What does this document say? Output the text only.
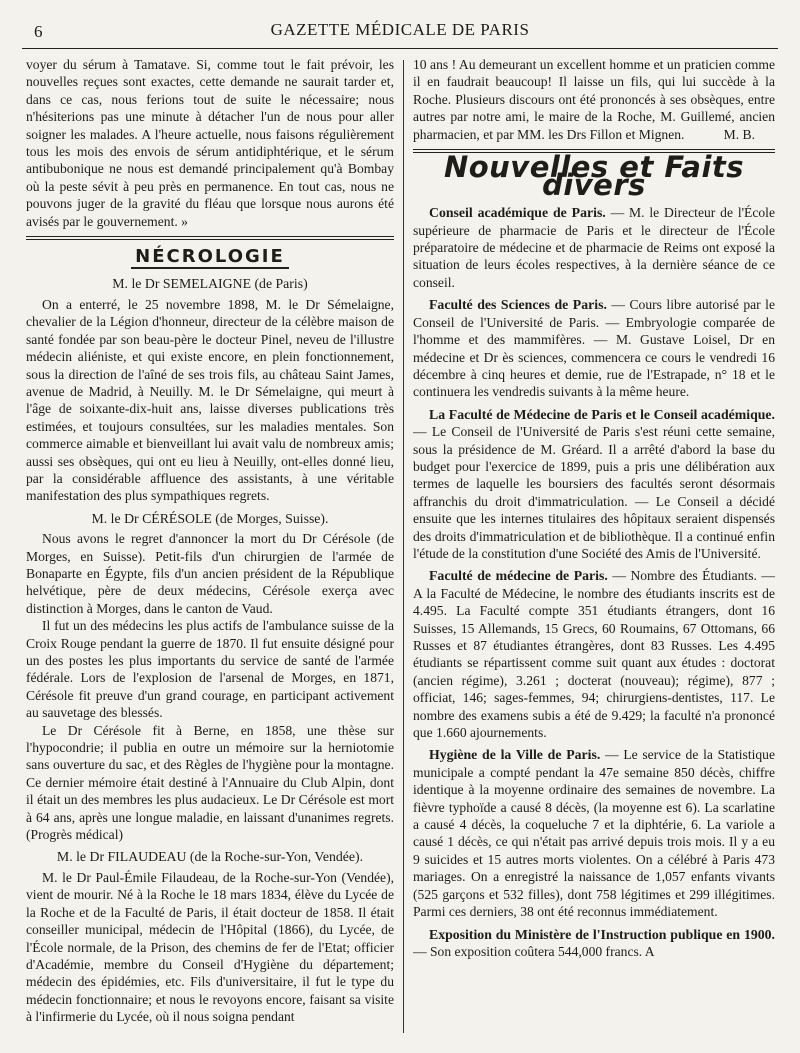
6	GAZETTE MÉDICALE DE PARIS

voyer du sérum à Tamatave. Si, comme tout le fait prévoir, les nouvelles reçues sont exactes, cette demande ne saurait tarder et, dans ce cas, nous ferions tout de suite le nécessaire; nous n'hésiterions pas une minute à détacher l'un de nous pour aller soigner les malades. A l'heure actuelle, nous faisons régulièrement tous les mois des envois de sérum antidiphtérique, et le sérum antibubonique ne nous est demandé principalement qu'à Bombay où la peste sévit à peu près en permanence. En tout cas, nous ne pouvons juger de la gravité du fléau que lorsque nous aurons été avisés par le gouvernement. »

NÉCROLOGIE
M. le Dr SEMELAIGNE (de Paris)

On a enterré, le 25 novembre 1898, M. le Dr Sémelaigne, chevalier de la Légion d'honneur, directeur de la célèbre maison de santé fondée par son beau-père le docteur Pinel, neveu de l'illustre médecin aliéniste, et qui existe encore, en plein fonctionnement, sous la direction de l'aîné de ses trois fils, au château Saint James, avenue de Madrid, à Neuilly. M. le Dr Sémelaigne, qui meurt à l'âge de soixante-dix-huit ans, laisse diverses publications très estimées, et toujours consultées, sur les maladies mentales. Son commerce aimable et bienveillant lui avait valu de nombreux amis; aussi ses obsèques, qui ont eu lieu à Neuilly, ont-elles donné lieu, par la considérable affluence des assistants, à une véritable manifestation des plus sympathiques regrets.

M. le Dr CÉRÉSOLE (de Morges, Suisse).

Nous avons le regret d'annoncer la mort du Dr Cérésole (de Morges, en Suisse). Petit-fils d'un chirurgien de l'armée de Bonaparte en Égypte, fils d'un ancien président de la République helvétique, père de deux médecins, Cérésole exerça avec distinction à Morges, dans le canton de Vaud.

Il fut un des médecins les plus actifs de l'ambulance suisse de la Croix Rouge pendant la guerre de 1870. Il fut ensuite désigné pour un des postes les plus importants du service de santé de l'armée fédérale. Lors de l'explosion de l'arsenal de Morges, en 1871, Cérésole fit preuve d'un grand courage, en participant activement au sauvetage des blessés.

Le Dr Cérésole fit à Berne, en 1858, une thèse sur l'hypocondrie; il publia en outre un mémoire sur la herniotomie sans ouverture du sac, et des Règles de l'hygiène pour la montagne. Ce dernier mémoire était destiné à l'Annuaire du Club Alpin, dont il était un des membres les plus audacieux. Le Dr Cérésole est mort à 64 ans, après une longue maladie, en laissant d'unanimes regrets. (Progrès médical)

M. le Dr FILAUDEAU (de la Roche-sur-Yon, Vendée).

M. le Dr Paul-Émile Filaudeau, de la Roche-sur-Yon (Vendée), vient de mourir. Né à la Roche le 18 mars 1834, élève du Lycée de la Roche et de la Faculté de Paris, il était docteur de 1858. Il était conseiller municipal, médecin de l'Hôpital (1866), du Lycée, de l'École normale, de la Prison, des chemins de fer de l'Etat; officier d'Académie, membre du Conseil d'Hygiène du département; médecin des épidémies, etc. Fils d'universitaire, il fut le type du médecin fonctionnaire; et nous le revoyons encore, faisant sa visite à l'infirmerie du Lycée, où il nous soigna pendant

10 ans ! Au demeurant un excellent homme et un praticien comme il en faudrait beaucoup! Il laisse un fils, qui lui succède à la Roche. Plusieurs discours ont été prononcés à ses obsèques, entre autres par notre ami, le maire de la Roche, M. Guillemé, ancien pharmacien, et par MM. les Drs Fillon et Mignen.	M. B.
Nouvelles et Faits divers

Conseil académique de Paris. — M. le Directeur de l'École supérieure de pharmacie de Paris et le directeur de l'École préparatoire de médecine et de pharmacie de Reims ont exposé la situation de leurs écoles respectives, à la dernière séance de ce conseil.

Faculté des Sciences de Paris. — Cours libre autorisé par le Conseil de l'Université de Paris. — Embryologie comparée de l'homme et des mammifères. — M. Gustave Loisel, Dr en médecine et Dr ès sciences, commencera ce cours le vendredi 16 décembre à cinq heures et demie, rue de l'Estrapade, n° 18 et le continuera les vendredis suivants à la même heure.

La Faculté de Médecine de Paris et le Conseil académique. — Le Conseil de l'Université de Paris s'est réuni cette semaine, sous la présidence de M. Gréard. Il a arrêté d'abord la base du budget pour l'exercice de 1899, puis a pris une délibération aux termes de laquelle les boursiers des facultés seront désormais affranchis du droit d'immatriculation. — Le Conseil a décidé ensuite que les internes titulaires des hôpitaux seraient dispensés des droits d'immatriculation et de bibliothèque. Il a continué enfin l'étude de la constitution d'une Société des Amis de l'Université.

Faculté de médecine de Paris. — Nombre des Étudiants. — A la Faculté de Médecine, le nombre des étudiants inscrits est de 4.495. La Faculté compte 351 étudiants étrangers, dont 16 Suisses, 15 Allemands, 15 Grecs, 60 Roumains, 67 Ottomans, 66 Russes et 87 étudiantes étrangères, dont 83 Russes. Les 4.495 étudiants se répartissent comme suit quant aux études : doctorat (ancien régime), 3.261 ; docterat (nouveau); régime), 877 ; officiat, 146; sages-femmes, 94; chirurgiens-dentistes, 117. Le nombre des examens subis a été de 9.429; la faculté n'a prononcé que 1.660 ajournements.

Hygiène de la Ville de Paris. — Le service de la Statistique municipale a compté pendant la 47e semaine 850 décès, chiffre identique à la moyenne ordinaire des semaines de novembre. La fièvre typhoïde a causé 8 décès, (la moyenne est 6). La scarlatine a causé 4 décès, la coqueluche 7 et la diphtérie, 6. La variole a causé 1 décès, ce qui n'était pas arrivé depuis trois mois. Il y a eu 9 suicides et 15 autres morts violentes. On a célébré à Paris 473 mariages. On a enregistré la naissance de 1,057 enfants vivants (525 garçons et 532 filles), dont 758 légitimes et 299 illégitimes. Parmi ces derniers, 38 ont été reconnus immédiatement.

Exposition du Ministère de l'Instruction publique en 1900. — Son exposition coûtera 544,000 francs. A
